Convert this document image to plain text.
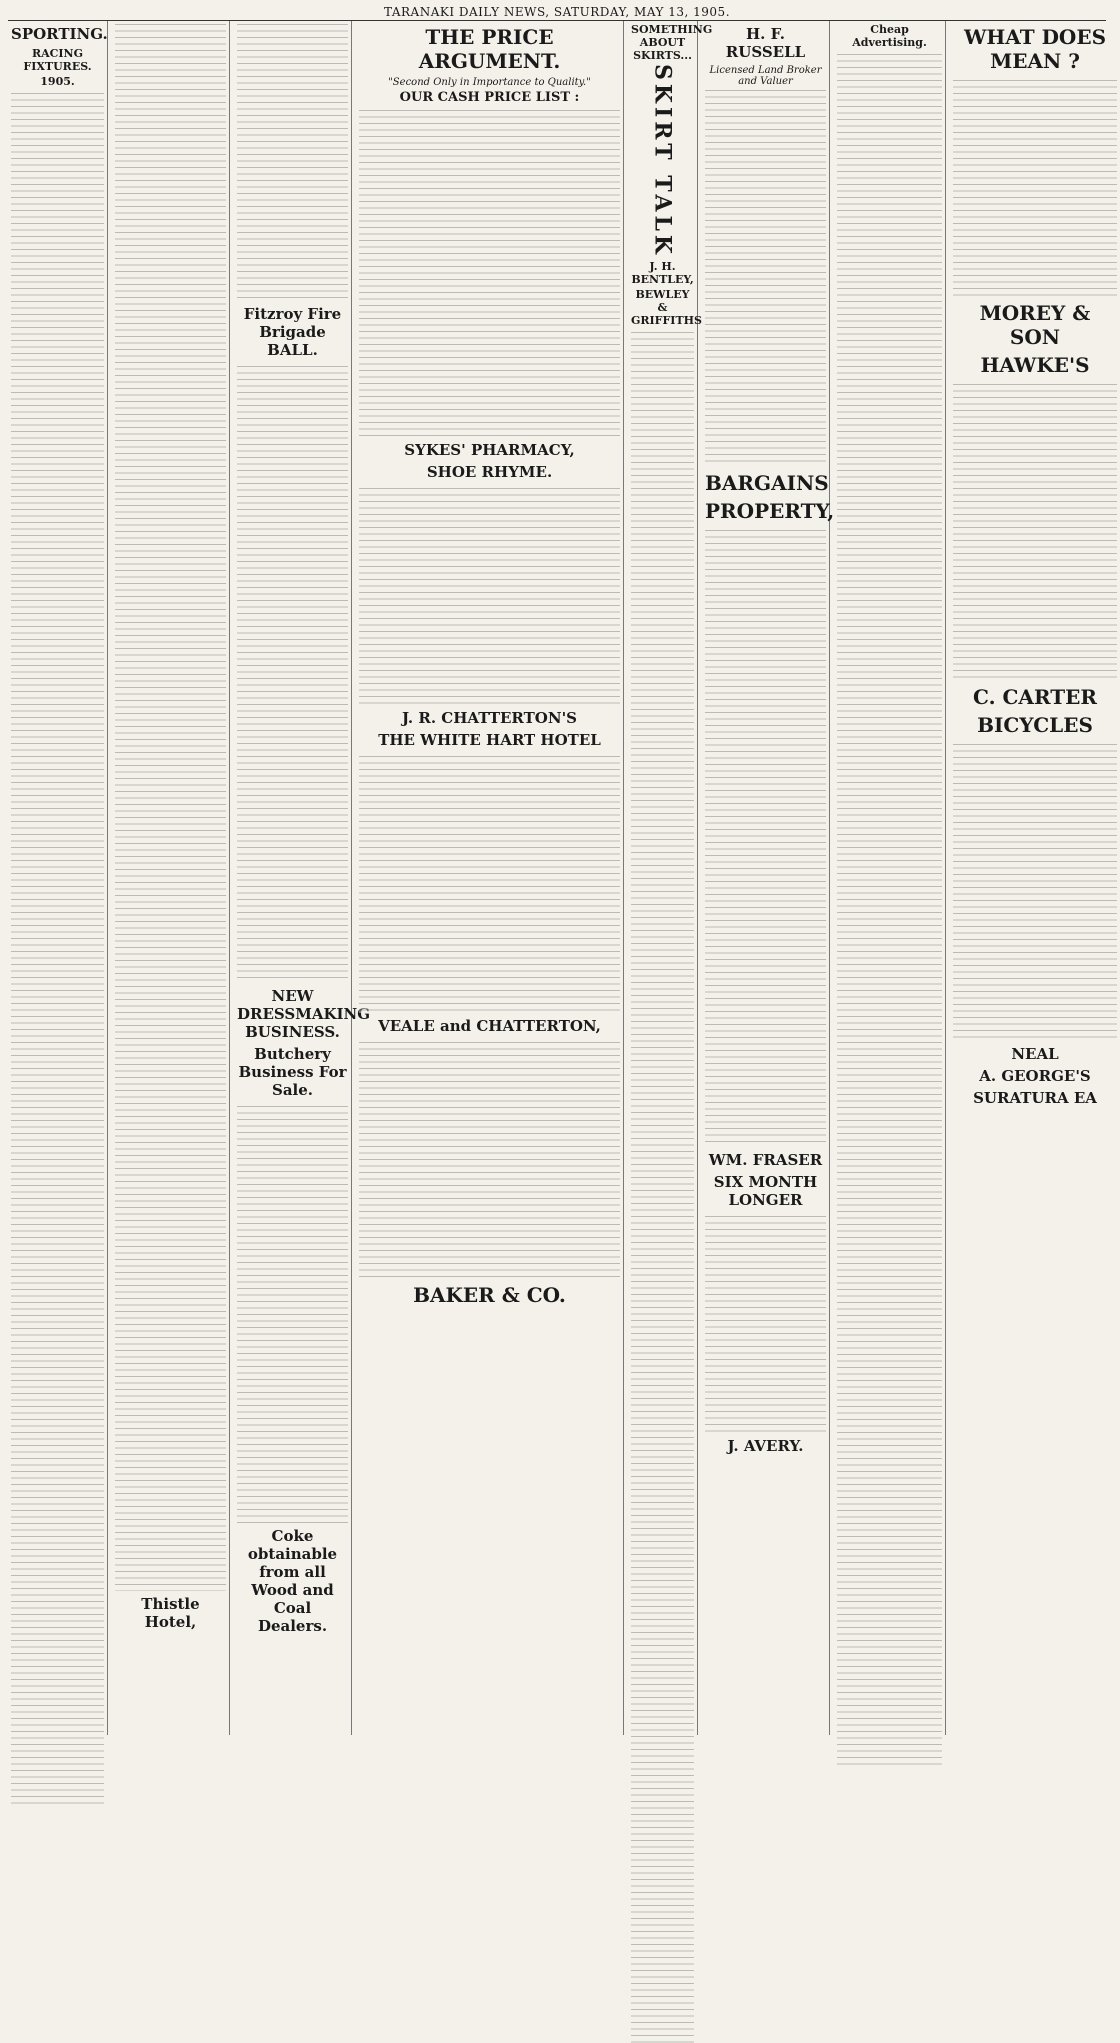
TARANAKI DAILY NEWS, SATURDAY, MAY 13, 1905.
SPORTING.
RACING FIXTURES.
1905.
Thistle Hotel,
Fitzroy Fire Brigade BALL.
NEW DRESSMAKING BUSINESS.
Butchery Business For Sale.
Coke obtainable from all Wood and Coal Dealers.
THE PRICE ARGUMENT.
"Second Only in Importance to Quality."
OUR CASH PRICE LIST :
SYKES' PHARMACY,
SHOE RHYME.
J. R. CHATTERTON'S
THE WHITE HART HOTEL
VEALE and CHATTERTON,
BAKER & CO.
SOMETHING ABOUT SKIRTS...
SKIRT TALK
J. H. BENTLEY,
BEWLEY & GRIFFITHS
H. F. RUSSELL
Licensed Land Broker and Valuer
BARGAINS
PROPERTY,
WM. FRASER
SIX MONTH LONGER
J. AVERY.
Cheap Advertising.	WHAT DOES MEAN ?
MOREY & SON
HAWKE'S
C. CARTER
BICYCLES
NEAL
A. GEORGE'S
SURATURA EA
